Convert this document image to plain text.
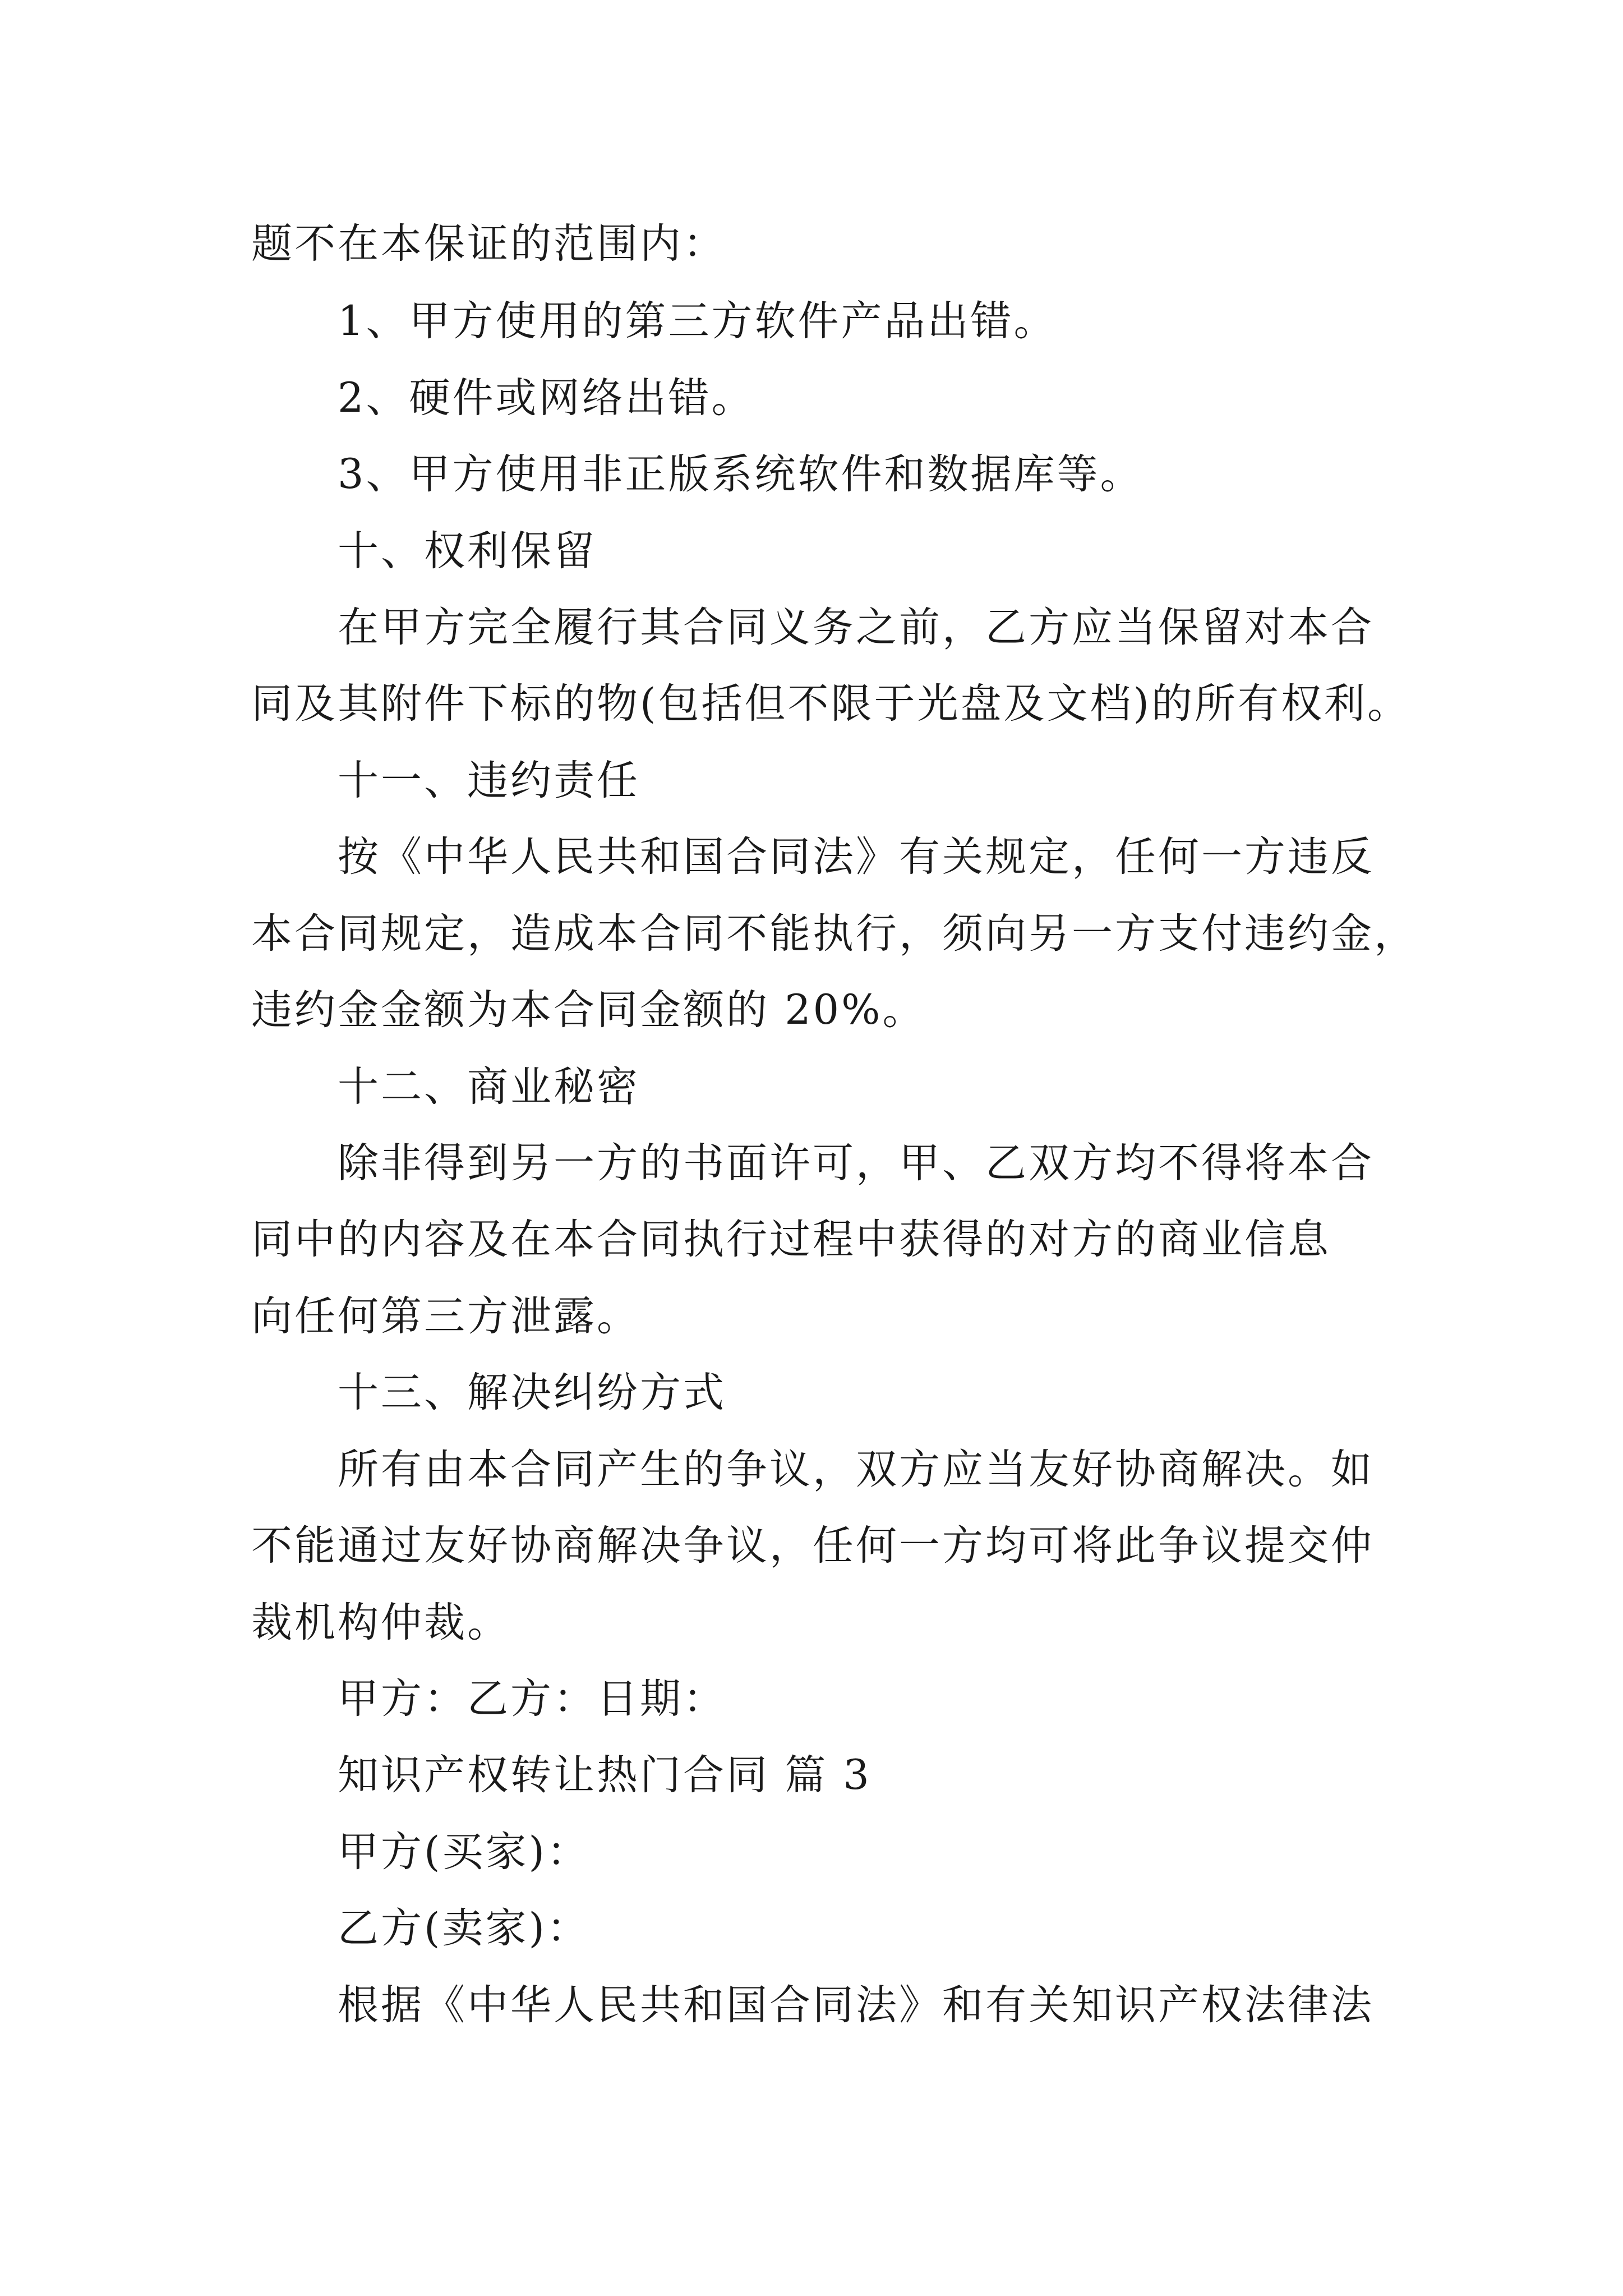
题不在本保证的范围内：
1、甲方使用的第三方软件产品出错。
2、硬件或网络出错。
3、甲方使用非正版系统软件和数据库等。
十、权利保留
在甲方完全履行其合同义务之前，乙方应当保留对本合
同及其附件下标的物(包括但不限于光盘及文档)的所有权利。
十一、违约责任
按《中华人民共和国合同法》有关规定，任何一方违反
本合同规定，造成本合同不能执行，须向另一方支付违约金，
违约金金额为本合同金额的 20%。
十二、商业秘密
除非得到另一方的书面许可，甲、乙双方均不得将本合
同中的内容及在本合同执行过程中获得的对方的商业信息
向任何第三方泄露。
十三、解决纠纷方式
所有由本合同产生的争议，双方应当友好协商解决。如
不能通过友好协商解决争议，任何一方均可将此争议提交仲
裁机构仲裁。
甲方：乙方：日期：
知识产权转让热门合同 篇 3
甲方(买家)：
乙方(卖家)：
根据《中华人民共和国合同法》和有关知识产权法律法
